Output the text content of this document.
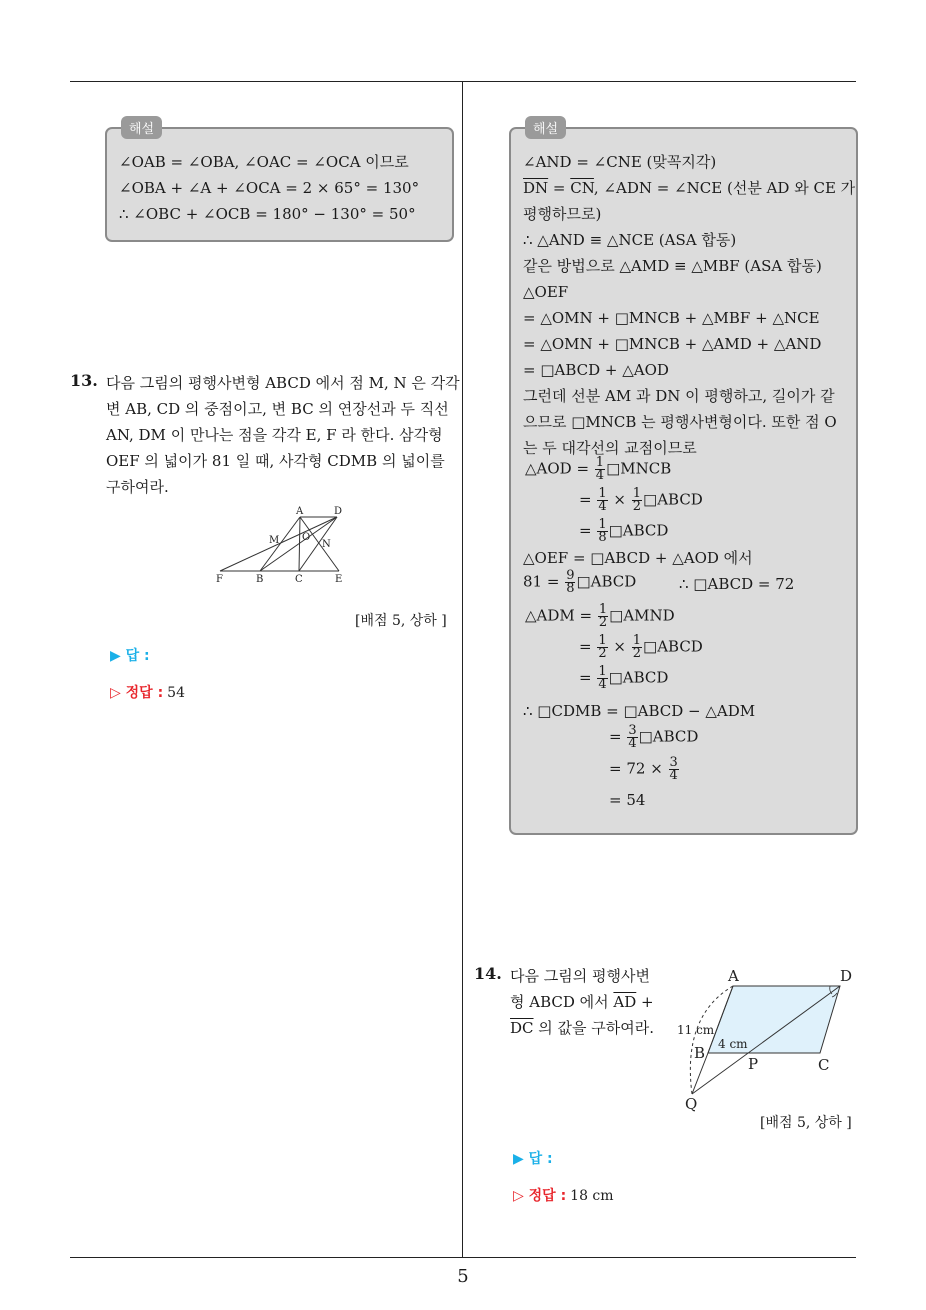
해설
∠OAB = ∠OBA, ∠OAC = ∠OCA 이므로
∠OBA + ∠A + ∠OCA = 2 × 65° = 130°
∴ ∠OBC + ∠OCB = 180° − 130° = 50°
13. 다음 그림의 평행사변형 ABCD 에서 점 M, N 은 각각
변 AB, CD 의 중점이고, 변 BC 의 연장선과 두 직선
AN, DM 이 만나는 점을 각각 E, F 라 한다. 삼각형
OEF 의 넓이가 81 일 때, 사각형 CDMB 의 넓이를
구하여라.
A	D
M O
N
F	B	C	E
[배점 5, 상하 ]
▶ 답 :
▷ 정답 : 54
해설
∠AND = ∠CNE (맞꼭지각)
$\overline{DN} = \overline{CN}$, ∠ADN = ∠NCE (선분 AD 와 CE 가
평행하므로)
∴ △AND ≡ △NCE (ASA 합동)
같은 방법으로 △AMD ≡ △MBF (ASA 합동)
△OEF
= △OMN + □MNCB + △MBF + △NCE
= △OMN + □MNCB + △AMD + △AND
= □ABCD + △AOD
그런데 선분 AM 과 DN 이 평행하고, 길이가 같
으므로 □MNCB 는 평행사변형이다. 또한 점 O
는 두 대각선의 교점이므로
△AOD = $\frac{1}{4}$ □MNCB
= $\frac{1}{4} \times \frac{1}{2}$ □ABCD
= $\frac{1}{8}$ □ABCD
△OEF = □ABCD + △AOD 에서
$81 = \frac{9}{8}$ □ABCD	∴ □ABCD = 72
△ADM = $\frac{1}{2}$ □AMND
= $\frac{1}{2} \times \frac{1}{2}$ □ABCD
= $\frac{1}{4}$ □ABCD
∴ □CDMB = □ABCD − △ADM
= $\frac{3}{4}$ □ABCD
= $72 \times \frac{3}{4}$
= 54
14. 다음 그림의 평행사변
형 ABCD 에서 $\overline{AD}$ +
$\overline{DC}$ 의 값을 구하여라.
A	D
B
C
P
Q
11 cm
4 cm
[배점 5, 상하 ]
▶ 답 :
▷ 정답 : 18 cm
5
